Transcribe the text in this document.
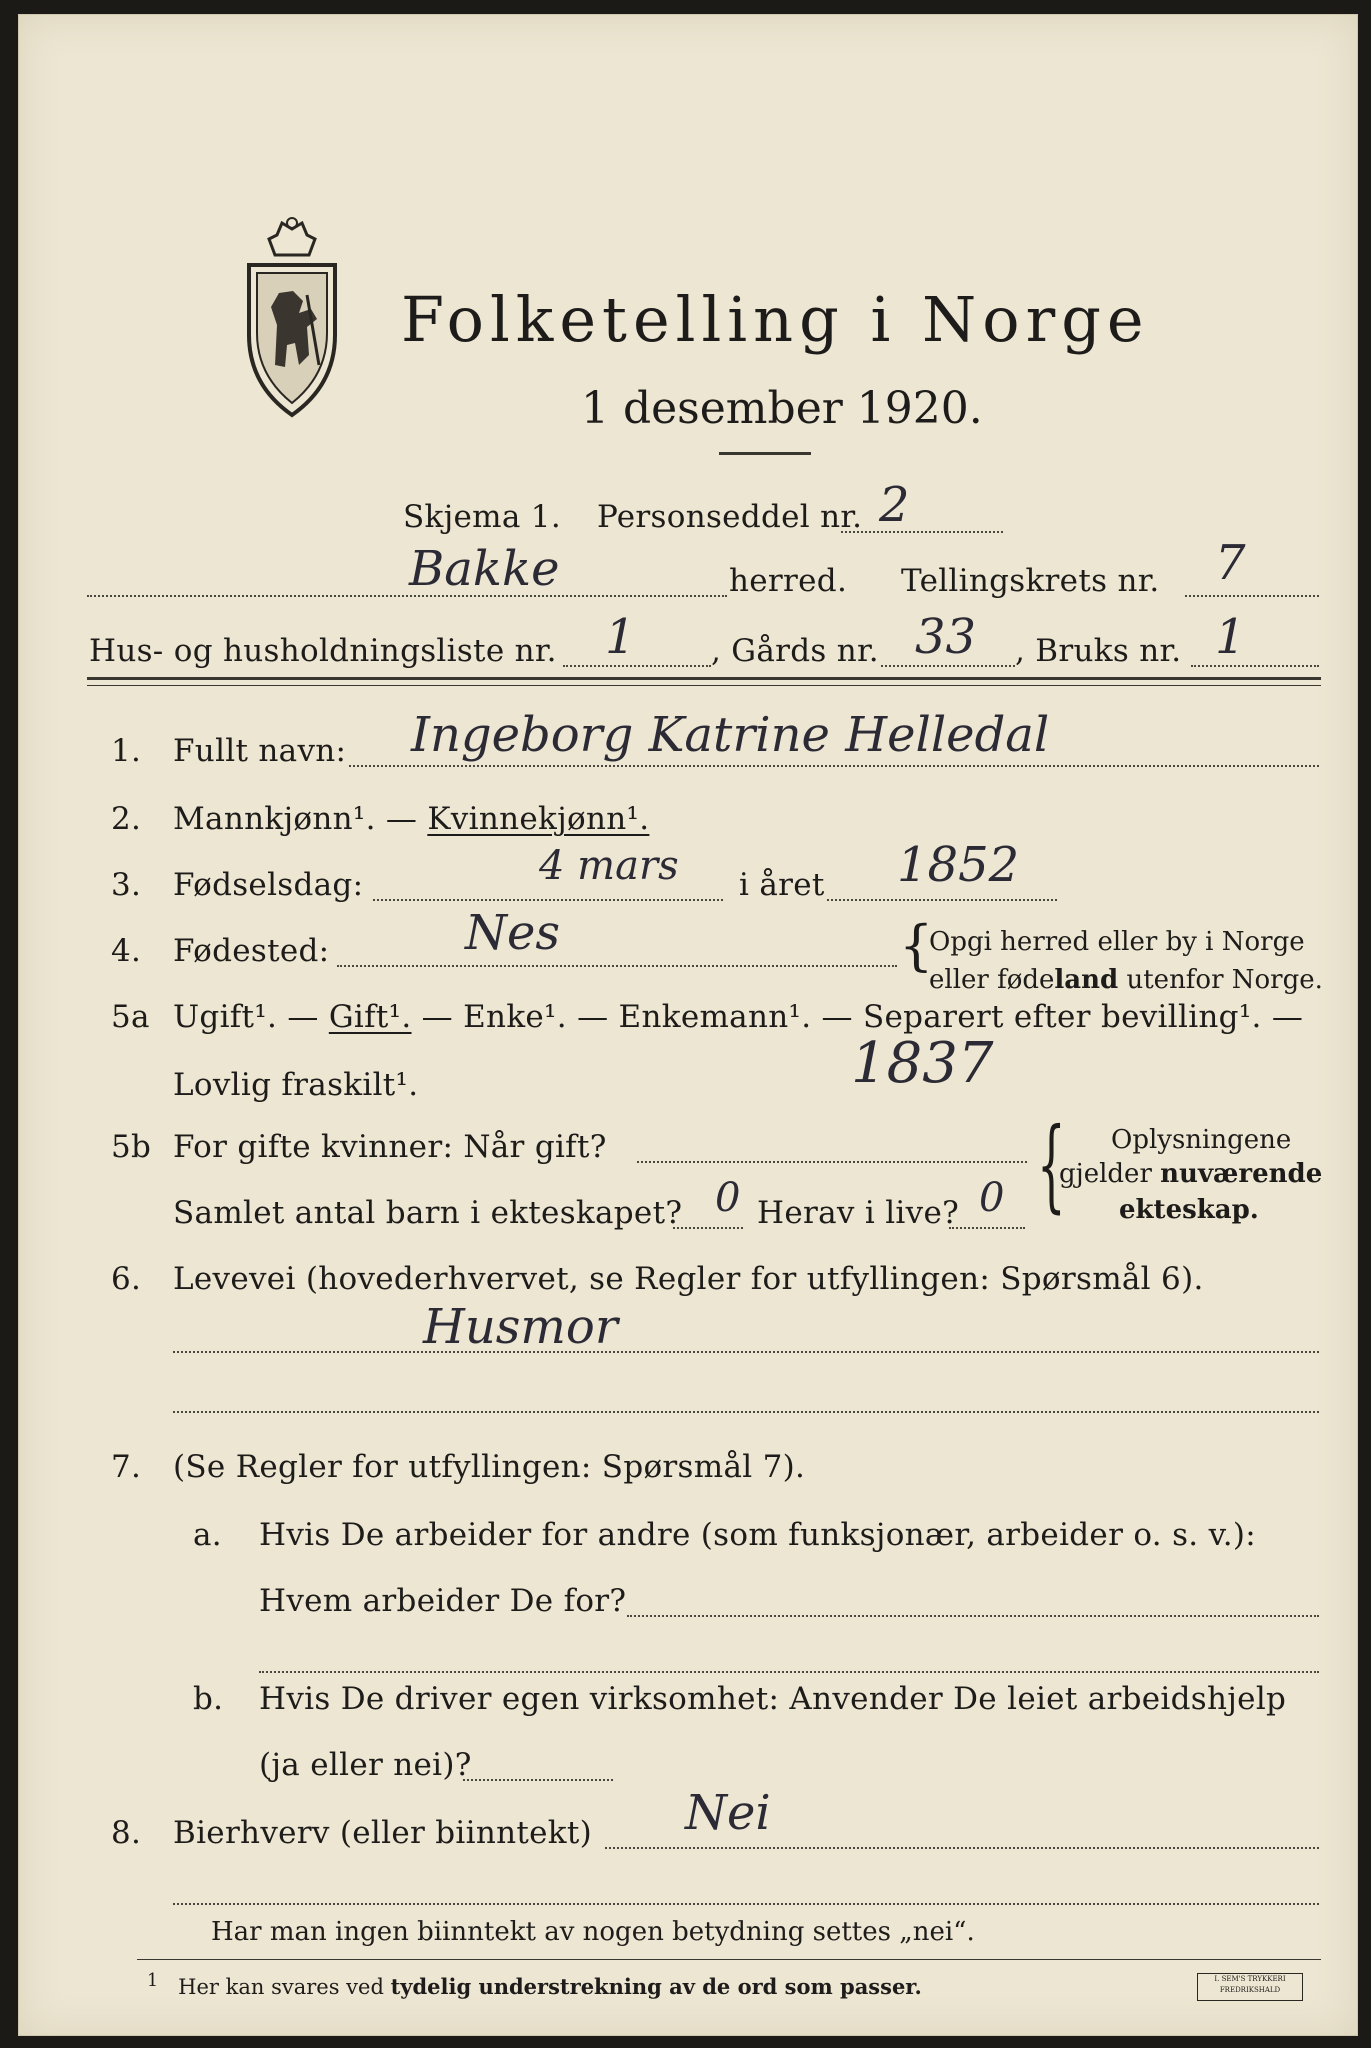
Folketelling i Norge
1 desember 1920.
Skjema 1. Personseddel nr. 2
Bakke	herred. Tellingskrets nr. 7
Hus- og husholdningsliste nr. 1 , Gårds nr. 33 , Bruks nr. 1
1. Fullt navn: Ingeborg Katrine Helledal
2. Mannkjønn¹. — Kvinnekjønn¹.
3. Fødselsdag:	4 mars i året 1852
4. Fødested:	Nes	{
Opgi herred eller by i Norge
eller fødeland utenfor Norge.
5a Ugift¹. — Gift¹. — Enke¹. — Enkemann¹. — Separert efter bevilling¹. —
Lovlig fraskilt¹.	1837
5b For gifte kvinner: Når gift?
Samlet antal barn i ekteskapet? 0 Herav i live? 0 { Oplysningene
gjelder nuværende
ekteskap.
6. Levevei (hovederhvervet, se Regler for utfyllingen: Spørsmål 6).
Husmor
7. (Se Regler for utfyllingen: Spørsmål 7).
a. Hvis De arbeider for andre (som funksjonær, arbeider o. s. v.):
Hvem arbeider De for?
b. Hvis De driver egen virksomhet: Anvender De leiet arbeidshjelp
(ja eller nei)?
8. Bierhverv (eller biinntekt) Nei
Har man ingen biinntekt av nogen betydning settes „nei“.
$^1$ Her kan svares ved tydelig understrekning av de ord som passer.	I. SEM'S TRYKKERI
FREDRIKSHALD
